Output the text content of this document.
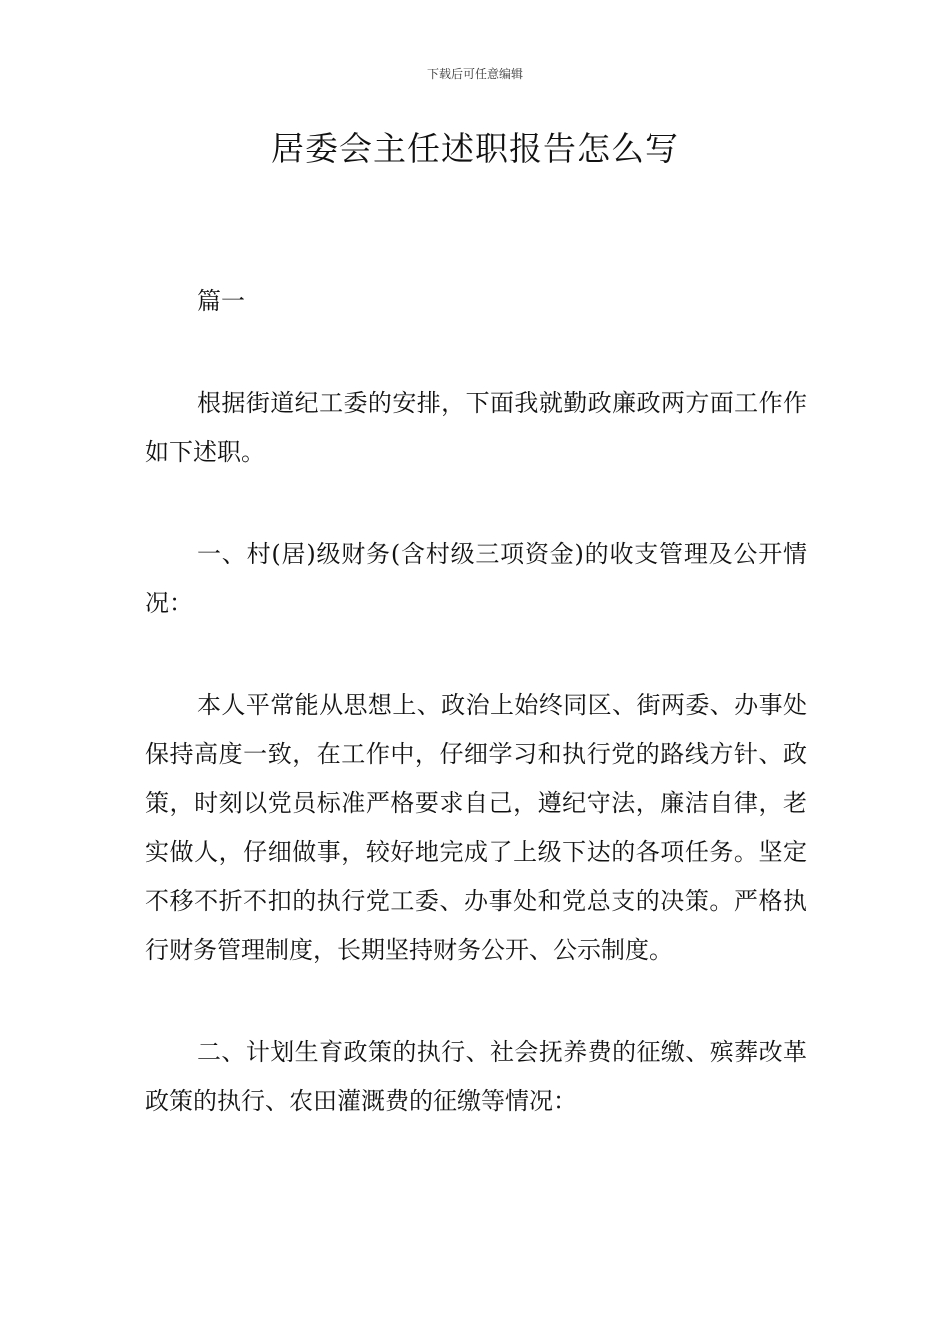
下载后可任意编辑
居委会主任述职报告怎么写

篇一

根据街道纪工委的安排，下面我就勤政廉政两方面工作作如下述职。

一、村(居)级财务(含村级三项资金)的收支管理及公开情况：

本人平常能从思想上、政治上始终同区、街两委、办事处保持高度一致，在工作中，仔细学习和执行党的路线方针、政策，时刻以党员标准严格要求自己，遵纪守法，廉洁自律，老实做人，仔细做事，较好地完成了上级下达的各项任务。坚定不移不折不扣的执行党工委、办事处和党总支的决策。严格执行财务管理制度，长期坚持财务公开、公示制度。

二、计划生育政策的执行、社会抚养费的征缴、殡葬改革政策的执行、农田灌溉费的征缴等情况：
